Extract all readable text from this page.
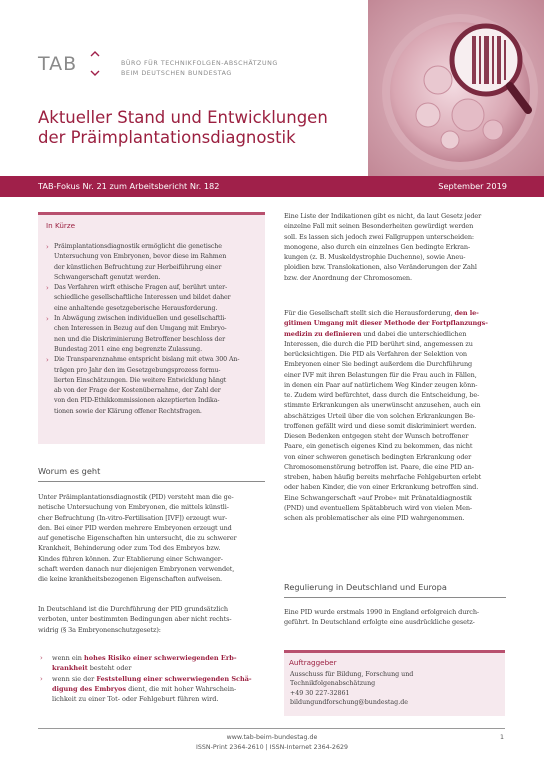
TAB	BÜRO FÜR TECHNIKFOLGEN-ABSCHÄTZUNG
BEIM DEUTSCHEN BUNDESTAG
Aktueller Stand und Entwicklungen
der Präimplantationsdiagnostik
TAB-Fokus Nr. 21 zum Arbeitsbericht Nr. 182	September 2019
In Kürze
› Präimplantationsdiagnostik ermöglicht die genetische
Untersuchung von Embryonen, bevor diese im Rahmen
der künstlichen Befruchtung zur Herbeiführung einer
Schwangerschaft genutzt werden.
› Das Verfahren wirft ethische Fragen auf, berührt unter-
schiedliche gesellschaftliche Interessen und bildet daher
eine anhaltende gesetzgeberische Herausforderung.
› In Abwägung zwischen individuellen und gesellschaftli-
chen Interessen in Bezug auf den Umgang mit Embryo-
nen und die Diskriminierung Betroffener beschloss der
Bundestag 2011 eine eng begrenzte Zulassung.
› Die Transparenznahme entspricht bislang mit etwa 300 An-
trägen pro Jahr den im Gesetzgebungsprozess formu-
lierten Einschätzungen. Die weitere Entwicklung hängt
ab von der Frage der Kostenübernahme, der Zahl der
von den PID-Ethikkommissionen akzeptierten Indika-
tionen sowie der Klärung offener Rechtsfragen.
Worum es geht
Unter Präimplantationsdiagnostik (PID) versteht man die ge-
netische Untersuchung von Embryonen, die mittels künstli-
cher Befruchtung (In-vitro-Fertilisation [IVF]) erzeugt wur-
den. Bei einer PID werden mehrere Embryonen erzeugt und
auf genetische Eigenschaften hin untersucht, die zu schwerer
Krankheit, Behinderung oder zum Tod des Embryos bzw.
Kindes führen können. Zur Etablierung einer Schwanger-
schaft werden danach nur diejenigen Embryonen verwendet,
die keine krankheitsbezogenen Eigenschaften aufweisen.
In Deutschland ist die Durchführung der PID grundsätzlich
verboten, unter bestimmten Bedingungen aber nicht rechts-
widrig (§ 3a Embryonenschutzgesetz):
› wenn ein hohes Risiko einer schwerwiegenden Erb-
krankheit besteht oder
› wenn sie der Feststellung einer schwerwiegenden Schä-
digung des Embryos dient, die mit hoher Wahrschein-
lichkeit zu einer Tot- oder Fehlgeburt führen wird.
Eine Liste der Indikationen gibt es nicht, da laut Gesetz jeder
einzelne Fall mit seinen Besonderheiten gewürdigt werden
soll. Es lassen sich jedoch zwei Fallgruppen unterscheiden:
monogene, also durch ein einzelnes Gen bedingte Erkran-
kungen (z. B. Muskeldystrophie Duchenne), sowie Aneu-
ploidien bzw. Translokationen, also Veränderungen der Zahl
bzw. der Anordnung der Chromosomen.
Für die Gesellschaft stellt sich die Herausforderung, den le-
gitimen Umgang mit dieser Methode der Fortpflanzungs-
medizin zu definieren und dabei die unterschiedlichen
Interessen, die durch die PID berührt sind, angemessen zu
berücksichtigen. Die PID als Verfahren der Selektion von
Embryonen einer Sie bedingt außerdem die Durchführung
einer IVF mit ihren Belastungen für die Frau auch in Fällen,
in denen ein Paar auf natürlichem Weg Kinder zeugen könn-
te. Zudem wird befürchtet, dass durch die Entscheidung, be-
stimmte Erkrankungen als unerwünscht anzusehen, auch ein
abschätziges Urteil über die von solchen Erkrankungen Be-
troffenen gefällt wird und diese somit diskriminiert werden.
Diesen Bedenken entgegen steht der Wunsch betroffener
Paare, ein genetisch eigenes Kind zu bekommen, das nicht
von einer schweren genetisch bedingten Erkrankung oder
Chromosomenstörung betroffen ist. Paare, die eine PID an-
streben, haben häufig bereits mehrfache Fehlgeburten erlebt
oder haben Kinder, die von einer Erkrankung betroffen sind.
Eine Schwangerschaft »auf Probe« mit Pränataldiagnostik
(PND) und eventuellem Spätabbruch wird von vielen Men-
schen als problematischer als eine PID wahrgenommen.
Regulierung in Deutschland und Europa
Eine PID wurde erstmals 1990 in England erfolgreich durch-
geführt. In Deutschland erfolgte eine ausdrückliche gesetz-
Auftraggeber
Ausschuss für Bildung, Forschung und
Technikfolgenabschätzung
+49 30 227-32861
bildungundforschung@bundestag.de
www.tab-beim-bundestag.de
ISSN-Print 2364-2610 | ISSN-Internet 2364-2629
1
